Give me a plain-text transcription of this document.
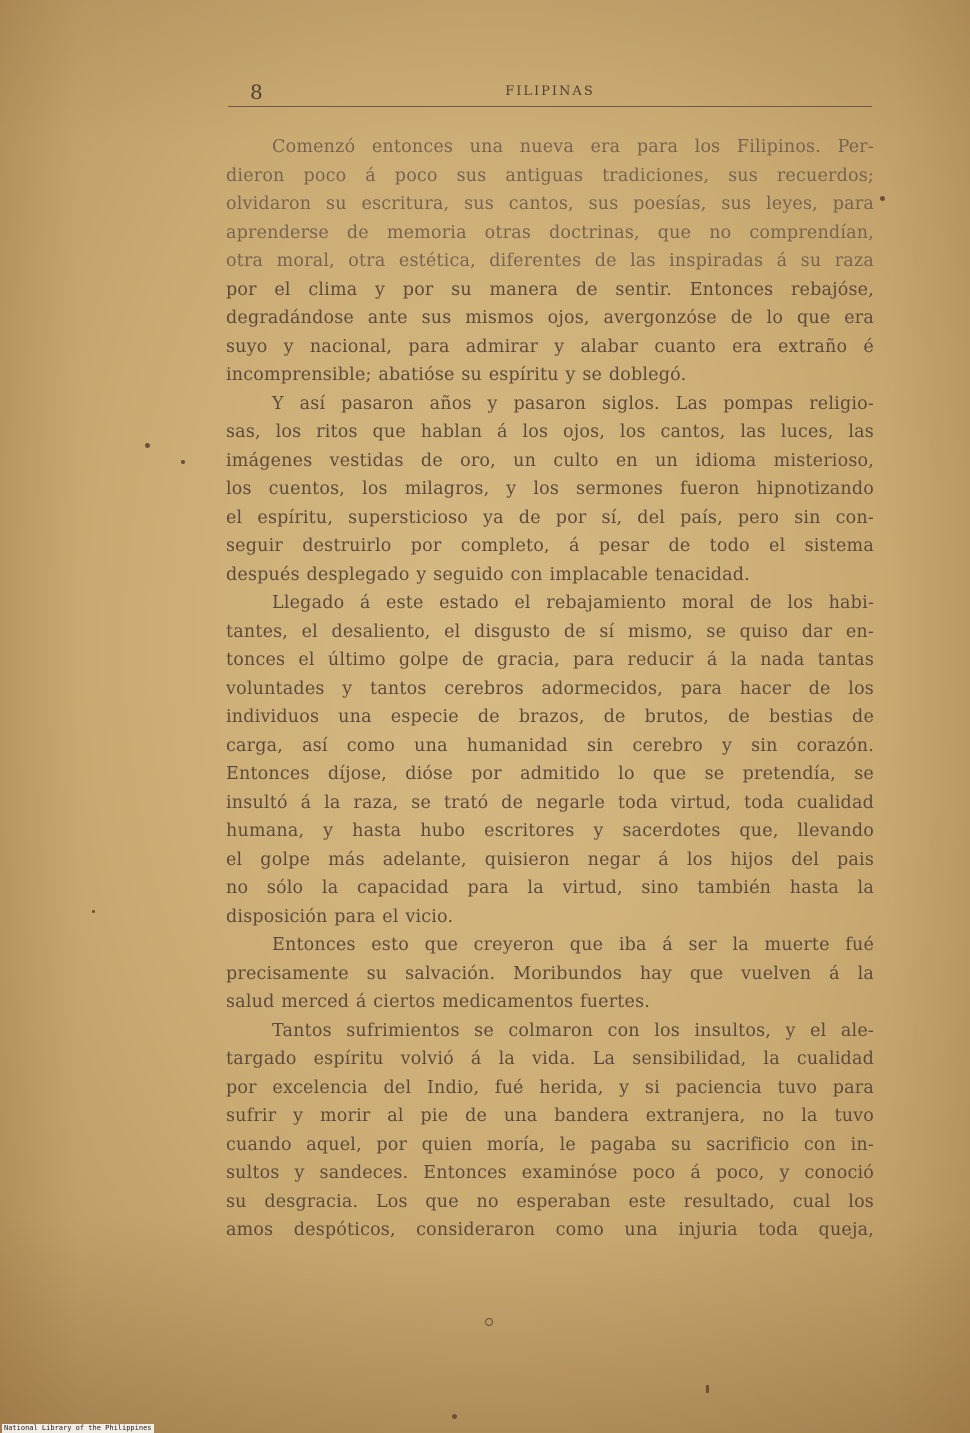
8	FILIPINAS
Comenzó entonces una nueva era para los Filipinos. Per-
dieron poco á poco sus antiguas tradiciones, sus recuerdos;
olvidaron su escritura, sus cantos, sus poesías, sus leyes, para
aprenderse de memoria otras doctrinas, que no comprendían,
otra moral, otra estética, diferentes de las inspiradas á su raza
por el clima y por su manera de sentir. Entonces rebajóse,
degradándose ante sus mismos ojos, avergonzóse de lo que era
suyo y nacional, para admirar y alabar cuanto era extraño é
incomprensible; abatióse su espíritu y se doblegó.
Y así pasaron años y pasaron siglos. Las pompas religio-
sas, los ritos que hablan á los ojos, los cantos, las luces, las
imágenes vestidas de oro, un culto en un idioma misterioso,
los cuentos, los milagros, y los sermones fueron hipnotizando
el espíritu, supersticioso ya de por sí, del país, pero sin con-
seguir destruirlo por completo, á pesar de todo el sistema
después desplegado y seguido con implacable tenacidad.
Llegado á este estado el rebajamiento moral de los habi-
tantes, el desaliento, el disgusto de sí mismo, se quiso dar en-
tonces el último golpe de gracia, para reducir á la nada tantas
voluntades y tantos cerebros adormecidos, para hacer de los
individuos una especie de brazos, de brutos, de bestias de
carga, así como una humanidad sin cerebro y sin corazón.
Entonces díjose, dióse por admitido lo que se pretendía, se
insultó á la raza, se trató de negarle toda virtud, toda cualidad
humana, y hasta hubo escritores y sacerdotes que, llevando
el golpe más adelante, quisieron negar á los hijos del pais
no sólo la capacidad para la virtud, sino también hasta la
disposición para el vicio.
Entonces esto que creyeron que iba á ser la muerte fué
precisamente su salvación. Moribundos hay que vuelven á la
salud merced á ciertos medicamentos fuertes.
Tantos sufrimientos se colmaron con los insultos, y el ale-
targado espíritu volvió á la vida. La sensibilidad, la cualidad
por excelencia del Indio, fué herida, y si paciencia tuvo para
sufrir y morir al pie de una bandera extranjera, no la tuvo
cuando aquel, por quien moría, le pagaba su sacrificio con in-
sultos y sandeces. Entonces examinóse poco á poco, y conoció
su desgracia. Los que no esperaban este resultado, cual los
amos despóticos, consideraron como una injuria toda queja,
National Library of the Philippines
